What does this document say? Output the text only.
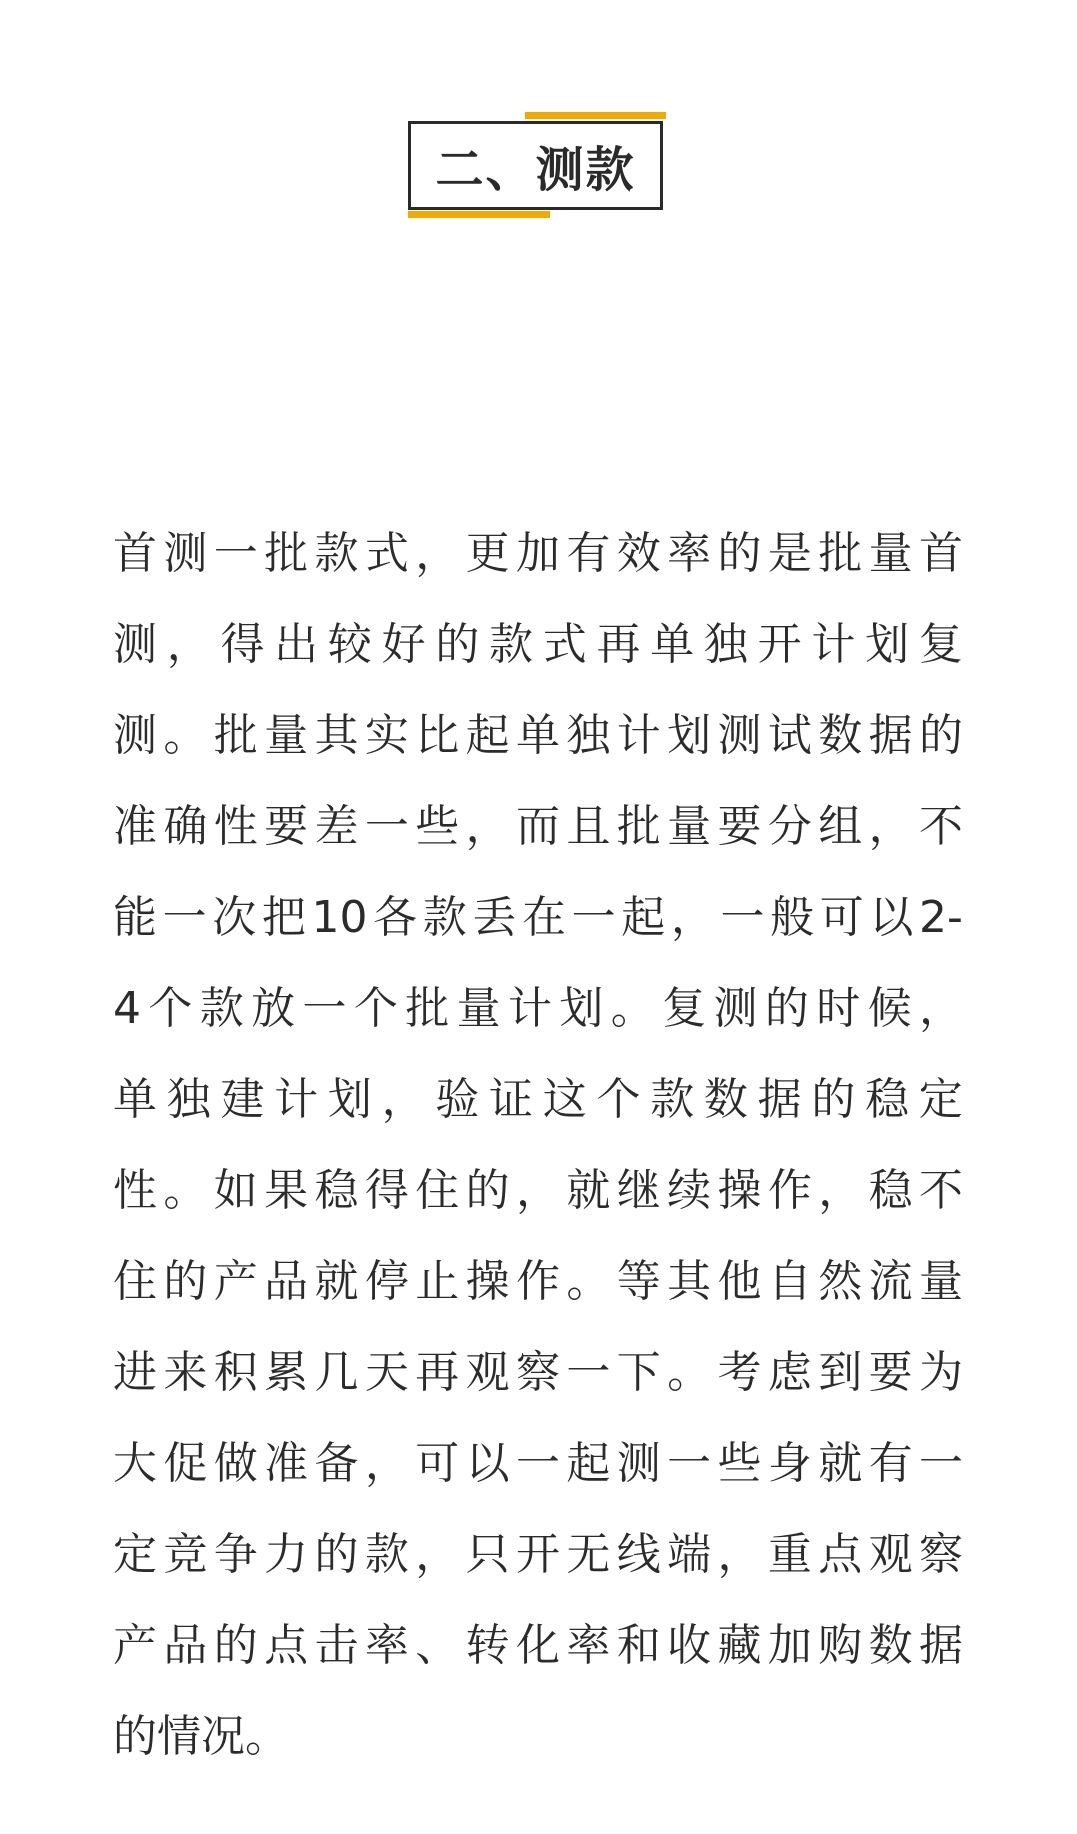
二、测款
首 测 一 批 款 式 ， 更 加 有 效 率 的 是 批 量 首
测 ， 得 出 较 好 的 款 式 再 单 独 开 计 划 复
测 。 批 量 其 实 比 起 单 独 计 划 测 试 数 据 的
准 确 性 要 差 一 些 ， 而 且 批 量 要 分 组 ， 不
能 一 次 把 10 各 款 丢 在 一 起 ， 一 般 可 以 2-
4 个 款 放 一 个 批 量 计 划 。 复 测 的 时 候 ，
单 独 建 计 划 ， 验 证 这 个 款 数 据 的 稳 定
性 。 如 果 稳 得 住 的 ， 就 继 续 操 作 ， 稳 不
住 的 产 品 就 停 止 操 作 。 等 其 他 自 然 流 量
进 来 积 累 几 天 再 观 察 一 下 。 考 虑 到 要 为
大 促 做 准 备 ， 可 以 一 起 测 一 些 身 就 有 一
定 竞 争 力 的 款 ， 只 开 无 线 端 ， 重 点 观 察
产 品 的 点 击 率 、 转 化 率 和 收 藏 加 购 数 据
的 情 况 。
